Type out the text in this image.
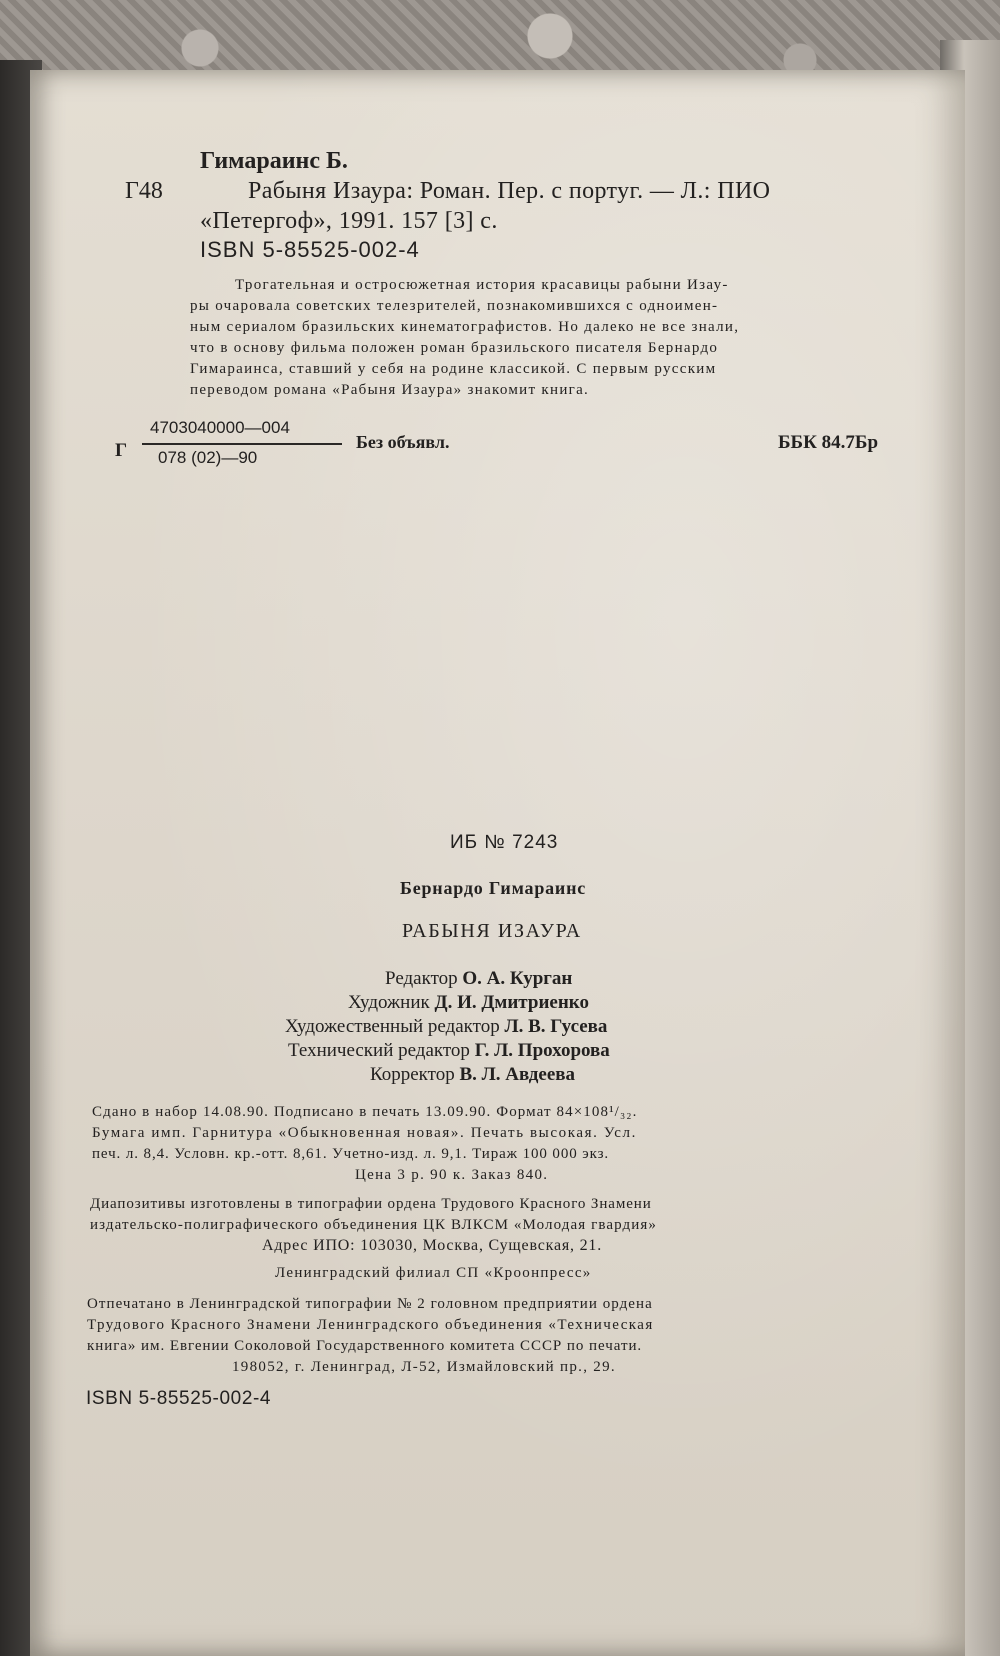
Гимараинс Б.
Г48	Рабыня Изаура: Роман. Пер. с португ. — Л.: ПИО
«Петергоф», 1991. 157 [3] с.
ISBN 5-85525-002-4
Трогательная и остросюжетная история красавицы рабыни Изау-
ры очаровала советских телезрителей, познакомившихся с одноимен-
ным сериалом бразильских кинематографистов. Но далеко не все знали,
что в основу фильма положен роман бразильского писателя Бернардо
Гимараинса, ставший у себя на родине классикой. С первым русским
переводом романа «Рабыня Изаура» знакомит книга.
Г
4703040000—004
078 (02)—90
Без объявл.	ББК 84.7Бр
ИБ № 7243
Бернардо Гимараинс
РАБЫНЯ ИЗАУРА
Редактор О. А. Курган
Художник Д. И. Дмитриенко
Художественный редактор Л. В. Гусева
Технический редактор Г. Л. Прохорова
Корректор В. Л. Авдеева
Сдано в набор 14.08.90. Подписано в печать 13.09.90. Формат 84×108¹/₃₂.
Бумага имп. Гарнитура «Обыкновенная новая». Печать высокая. Усл.
печ. л. 8,4. Условн. кр.-отт. 8,61. Учетно-изд. л. 9,1. Тираж 100 000 экз.
Цена 3 р. 90 к. Заказ 840.
Диапозитивы изготовлены в типографии ордена Трудового Красного Знамени
издательско-полиграфического объединения ЦК ВЛКСМ «Молодая гвардия»
Адрес ИПО: 103030, Москва, Сущевская, 21.
Ленинградский филиал СП «Кроонпресс»
Отпечатано в Ленинградской типографии № 2 головном предприятии ордена
Трудового Красного Знамени Ленинградского объединения «Техническая
книга» им. Евгении Соколовой Государственного комитета СССР по печати.
198052, г. Ленинград, Л-52, Измайловский пр., 29.
ISBN 5-85525-002-4
